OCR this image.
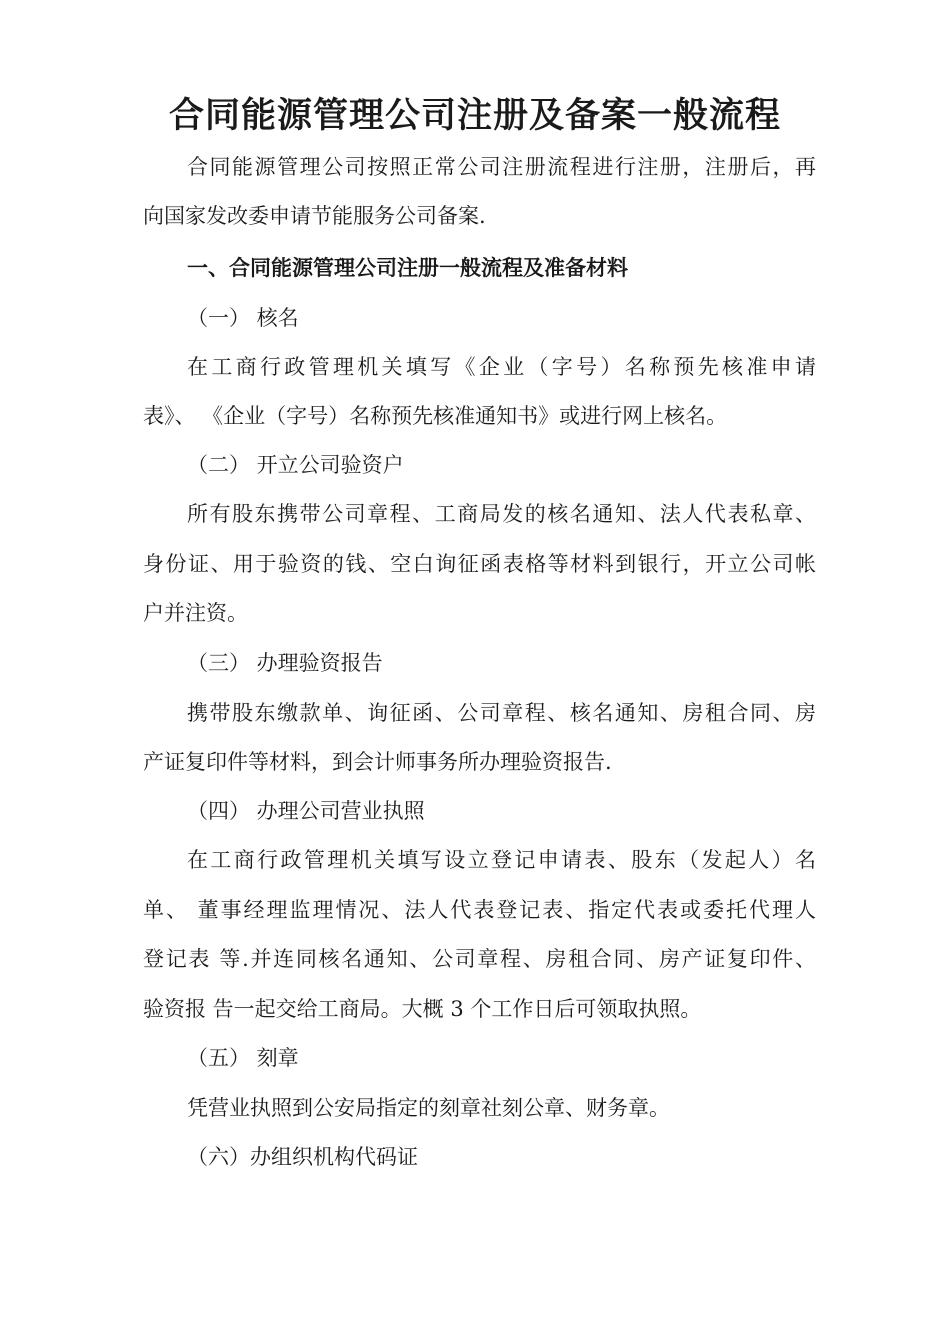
合同能源管理公司注册及备案一般流程
合同能源管理公司按照正常公司注册流程进行注册，注册后，再
向国家发改委申请节能服务公司备案.
一、合同能源管理公司注册一般流程及准备材料
（一） 核名
在工商行政管理机关填写《企业（字号）名称预先核准申请
表》、 《企业（字号）名称预先核准通知书》或进行网上核名。
（二） 开立公司验资户
所有股东携带公司章程、工商局发的核名通知、法人代表私章、
身份证、用于验资的钱、空白询征函表格等材料到银行，开立公司帐
户并注资。
（三） 办理验资报告
携带股东缴款单、询征函、公司章程、核名通知、房租合同、房
产证复印件等材料，到会计师事务所办理验资报告.
（四） 办理公司营业执照
在工商行政管理机关填写设立登记申请表、股东（发起人）名
单、 董事经理监理情况、法人代表登记表、指定代表或委托代理人
登记表 等.并连同核名通知、公司章程、房租合同、房产证复印件、
验资报 告一起交给工商局。大概 3 个工作日后可领取执照。
（五） 刻章
凭营业执照到公安局指定的刻章社刻公章、财务章。
（六）办组织机构代码证
